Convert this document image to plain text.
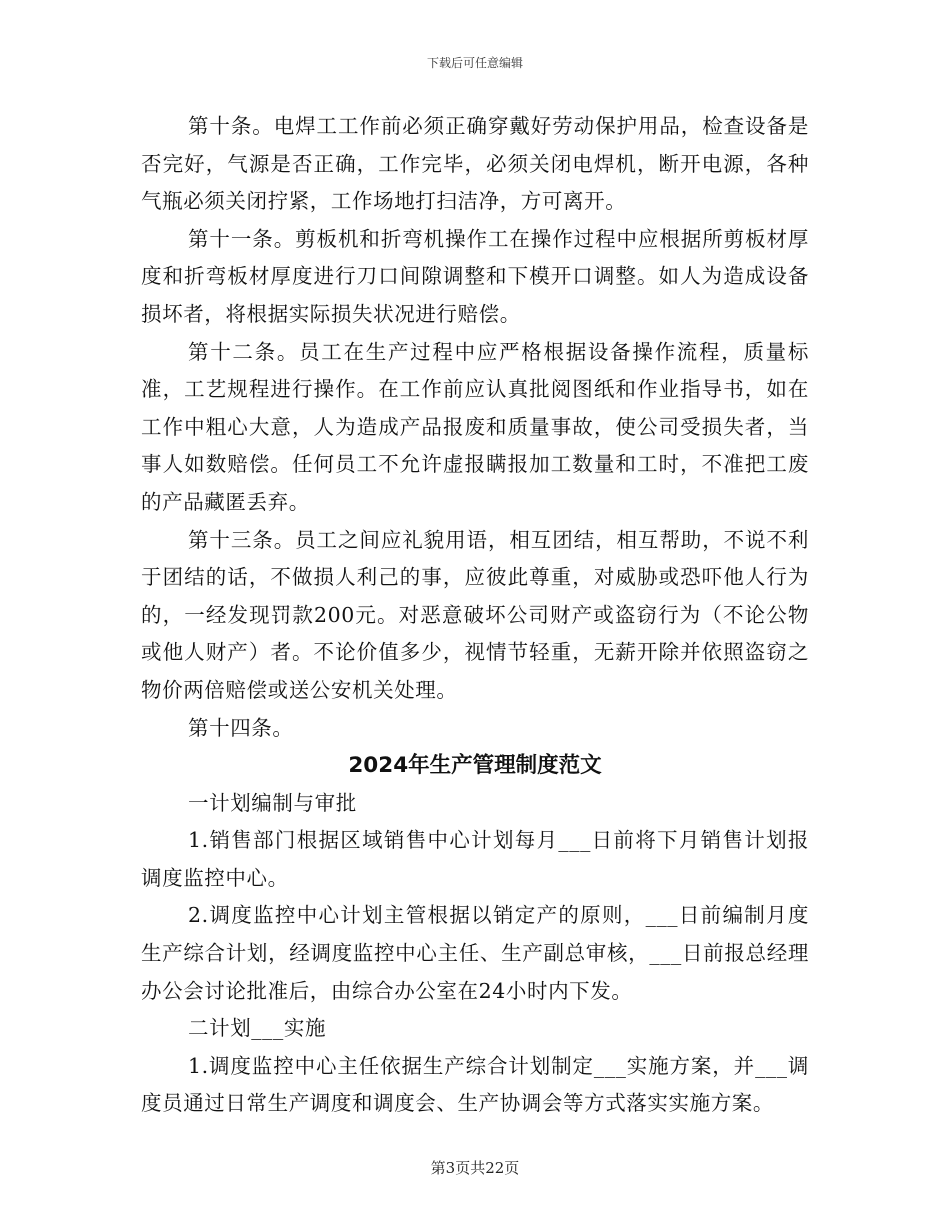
下载后可任意编辑

第十条。电焊工工作前必须正确穿戴好劳动保护用品，检查设备是否完好，气源是否正确，工作完毕，必须关闭电焊机，断开电源，各种气瓶必须关闭拧紧，工作场地打扫洁净，方可离开。

第十一条。剪板机和折弯机操作工在操作过程中应根据所剪板材厚度和折弯板材厚度进行刀口间隙调整和下模开口调整。如人为造成设备损坏者，将根据实际损失状况进行赔偿。

第十二条。员工在生产过程中应严格根据设备操作流程，质量标准，工艺规程进行操作。在工作前应认真批阅图纸和作业指导书，如在工作中粗心大意，人为造成产品报废和质量事故，使公司受损失者，当事人如数赔偿。任何员工不允许虚报瞒报加工数量和工时，不准把工废的产品藏匿丢弃。

第十三条。员工之间应礼貌用语，相互团结，相互帮助，不说不利于团结的话，不做损人利己的事，应彼此尊重，对威胁或恐吓他人行为的，一经发现罚款200元。对恶意破坏公司财产或盗窃行为（不论公物或他人财产）者。不论价值多少，视情节轻重，无薪开除并依照盗窃之物价两倍赔偿或送公安机关处理。

第十四条。

2024年生产管理制度范文

一计划编制与审批

1.销售部门根据区域销售中心计划每月___日前将下月销售计划报调度监控中心。

2.调度监控中心计划主管根据以销定产的原则，___日前编制月度生产综合计划，经调度监控中心主任、生产副总审核，___日前报总经理办公会讨论批准后，由综合办公室在24小时内下发。

二计划___实施

1.调度监控中心主任依据生产综合计划制定___实施方案，并___调度员通过日常生产调度和调度会、生产协调会等方式落实实施方案。

第3页共22页
